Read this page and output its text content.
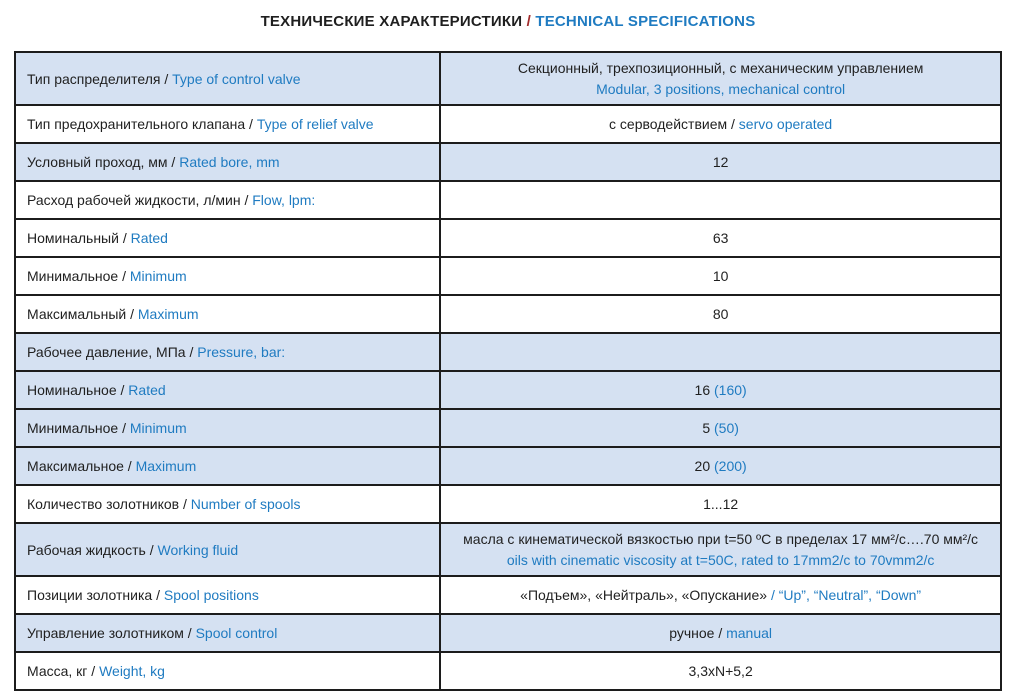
ТЕХНИЧЕСКИЕ ХАРАКТЕРИСТИКИ / TECHNICAL SPECIFICATIONS
Тип распределителя / Type of control valve	Секционный, трехпозиционный, с механическим управлением
Modular, 3 positions, mechanical control

Тип предохранительного клапана / Type of relief valve	с серводействием / servo operated
Условный проход, мм / Rated bore, mm	12
Расход рабочей жидкости, л/мин / Flow, lpm:	
Номинальный / Rated	63
Минимальное / Minimum	10
Максимальный / Maximum	80
Рабочее давление, МПа / Pressure, bar:	
Номинальное / Rated	16 (160)
Минимальное / Minimum	5 (50)
Максимальное / Maximum	20 (200)
Количество золотников / Number of spools	1...12
Рабочая жидкость / Working fluid	масла с кинематической вязкостью при t=50 ºС в пределах 17 мм²/с….70 мм²/с
oils with cinematic viscosity at t=50C, rated to 17mm2/c to 70vmm2/c

Позиции золотника / Spool positions	«Подъем», «Нейтраль», «Опускание» / “Up”, “Neutral”, “Down”
Управление золотником / Spool control	ручное / manual
Масса, кг / Weight, kg	3,3xN+5,2
